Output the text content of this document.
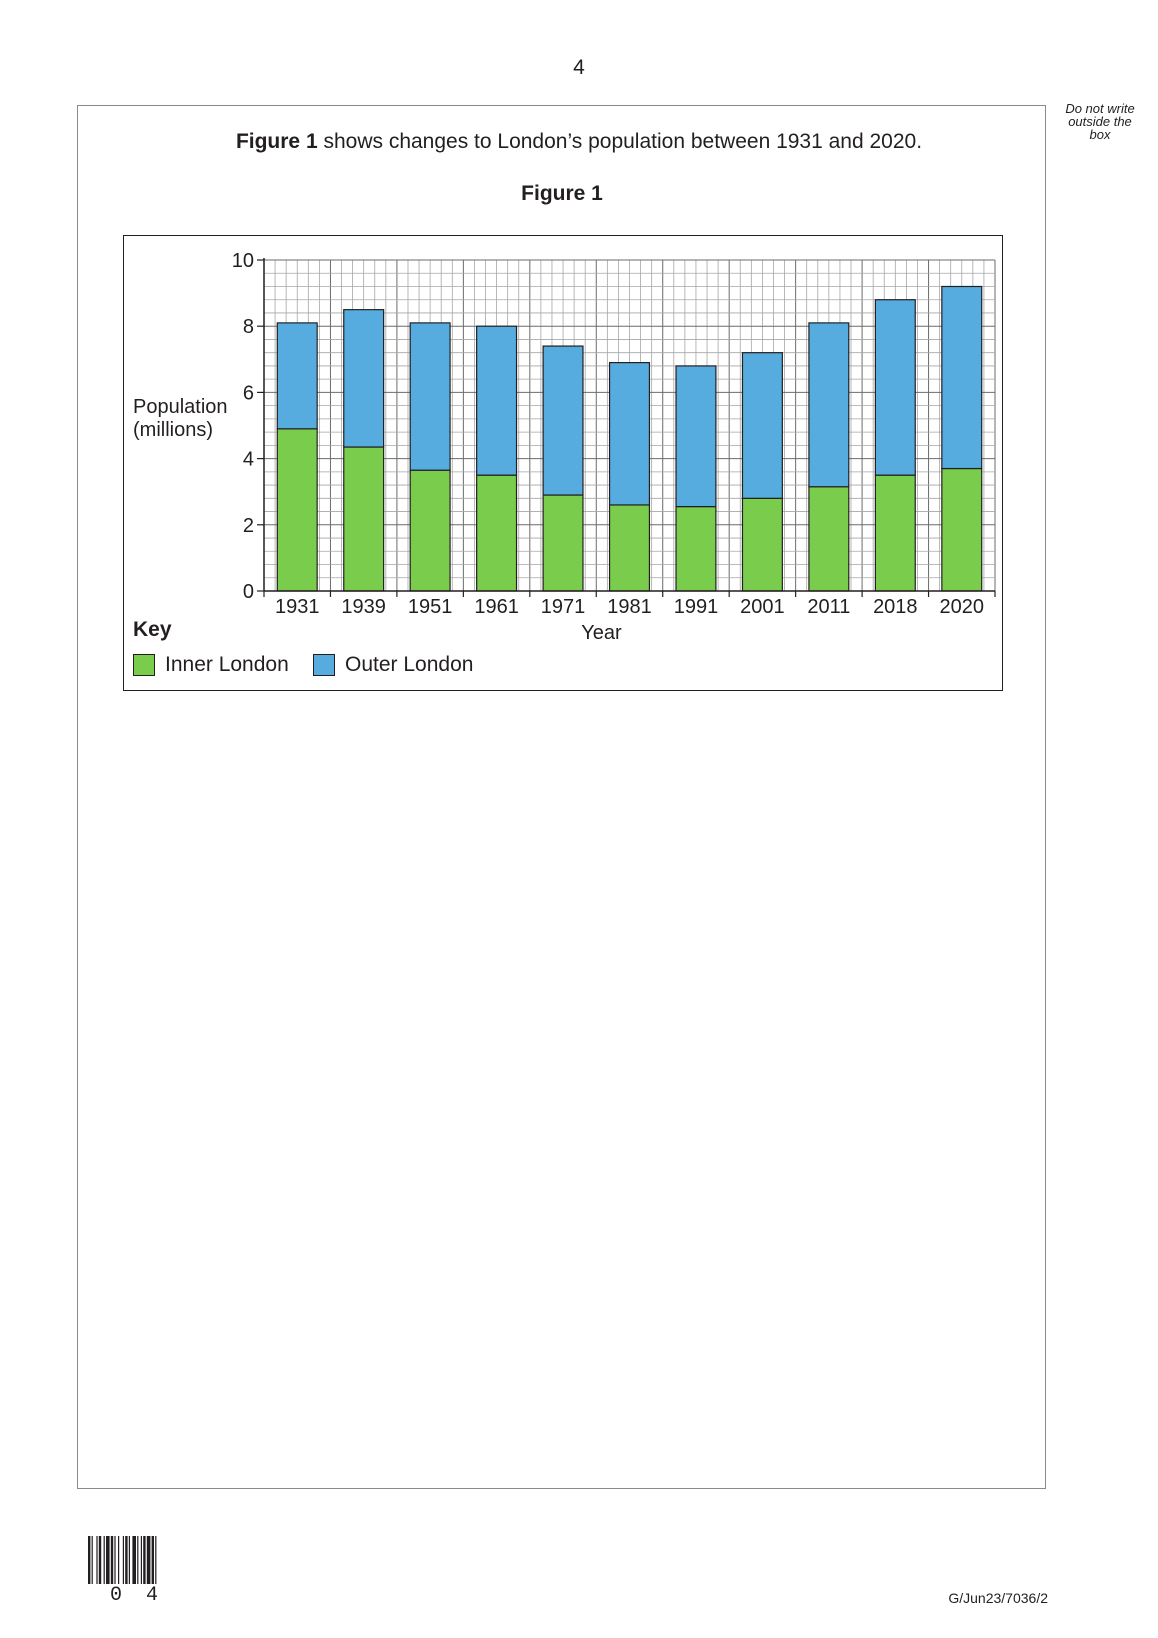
4
Do not write outside the box
Figure 1 shows changes to London’s population between 1931 and 2020.
Figure 1
1931 1939 1951 1961 1971 1981 1991 2001 2011 2018 2020
0
2
4
6
8
10
Year
Population
(millions)
Key
Inner London	Outer London
0 4	G/Jun23/7036/2
